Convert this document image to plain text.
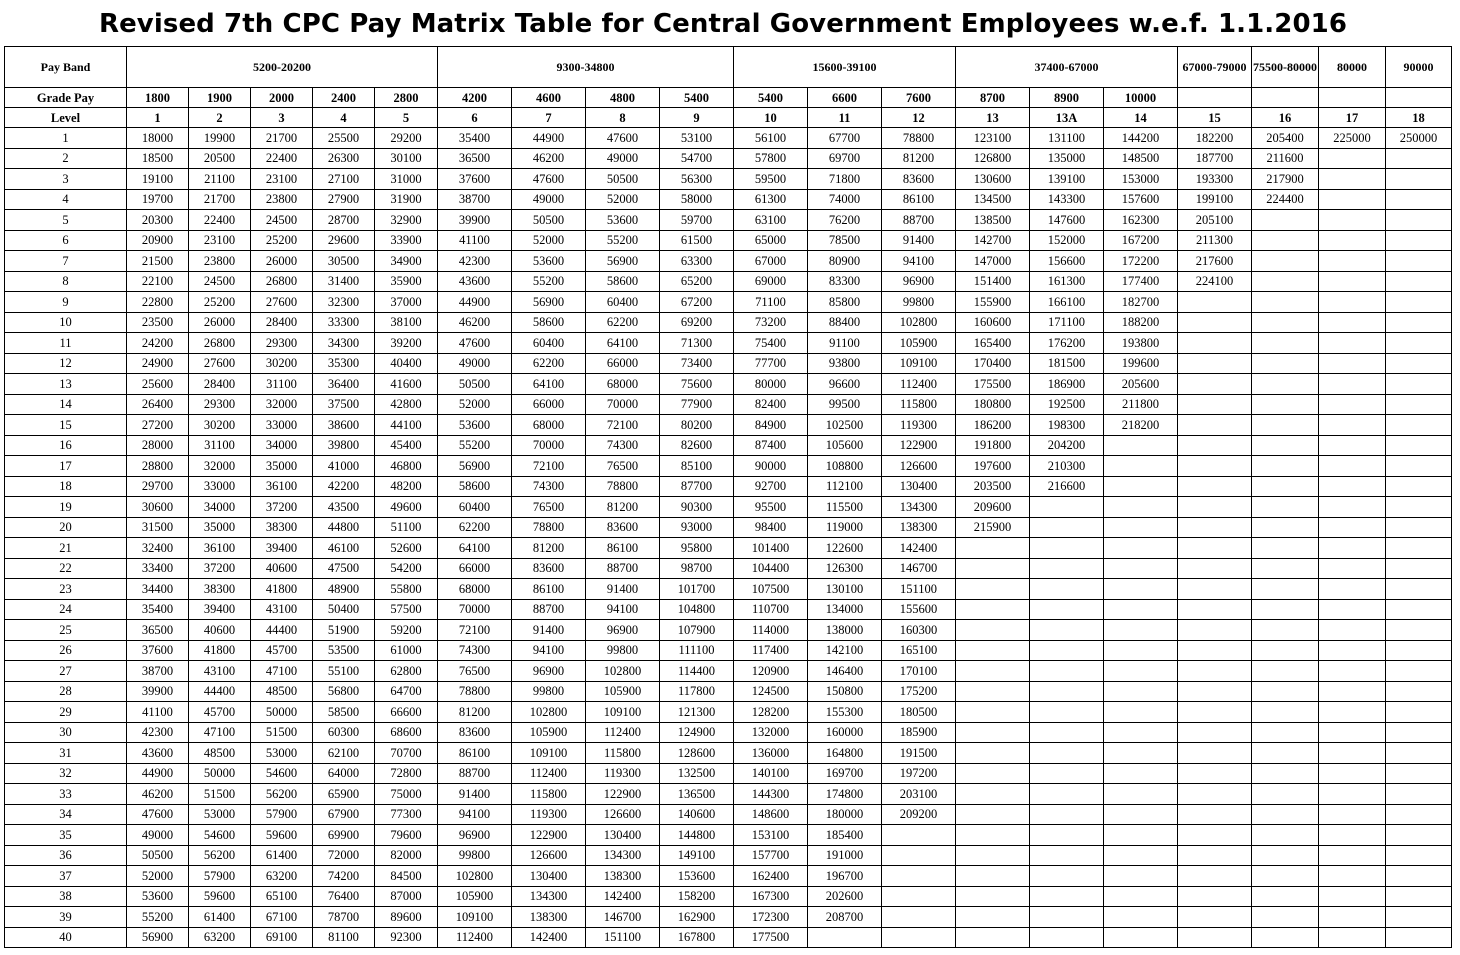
Revised 7th CPC Pay Matrix Table for Central Government Employees w.e.f. 1.1.2016
Pay Band	5200-20200					9300-34800				15600-39100			37400-67000			67000-79000	75500-80000	80000	90000
Grade Pay	1800	1900	2000	2400	2800	4200	4600	4800	5400	5400	6600	7600	8700	8900	10000				
Level	1	2	3	4	5	6	7	8	9	10	11	12	13	13A	14	15	16	17	18
1	18000	19900	21700	25500	29200	35400	44900	47600	53100	56100	67700	78800	123100	131100	144200	182200	205400	225000	250000
2	18500	20500	22400	26300	30100	36500	46200	49000	54700	57800	69700	81200	126800	135000	148500	187700	211600		
3	19100	21100	23100	27100	31000	37600	47600	50500	56300	59500	71800	83600	130600	139100	153000	193300	217900		
4	19700	21700	23800	27900	31900	38700	49000	52000	58000	61300	74000	86100	134500	143300	157600	199100	224400		
5	20300	22400	24500	28700	32900	39900	50500	53600	59700	63100	76200	88700	138500	147600	162300	205100			
6	20900	23100	25200	29600	33900	41100	52000	55200	61500	65000	78500	91400	142700	152000	167200	211300			
7	21500	23800	26000	30500	34900	42300	53600	56900	63300	67000	80900	94100	147000	156600	172200	217600			
8	22100	24500	26800	31400	35900	43600	55200	58600	65200	69000	83300	96900	151400	161300	177400	224100			
9	22800	25200	27600	32300	37000	44900	56900	60400	67200	71100	85800	99800	155900	166100	182700				
10	23500	26000	28400	33300	38100	46200	58600	62200	69200	73200	88400	102800	160600	171100	188200				
11	24200	26800	29300	34300	39200	47600	60400	64100	71300	75400	91100	105900	165400	176200	193800				
12	24900	27600	30200	35300	40400	49000	62200	66000	73400	77700	93800	109100	170400	181500	199600				
13	25600	28400	31100	36400	41600	50500	64100	68000	75600	80000	96600	112400	175500	186900	205600				
14	26400	29300	32000	37500	42800	52000	66000	70000	77900	82400	99500	115800	180800	192500	211800				
15	27200	30200	33000	38600	44100	53600	68000	72100	80200	84900	102500	119300	186200	198300	218200				
16	28000	31100	34000	39800	45400	55200	70000	74300	82600	87400	105600	122900	191800	204200					
17	28800	32000	35000	41000	46800	56900	72100	76500	85100	90000	108800	126600	197600	210300					
18	29700	33000	36100	42200	48200	58600	74300	78800	87700	92700	112100	130400	203500	216600					
19	30600	34000	37200	43500	49600	60400	76500	81200	90300	95500	115500	134300	209600						
20	31500	35000	38300	44800	51100	62200	78800	83600	93000	98400	119000	138300	215900						
21	32400	36100	39400	46100	52600	64100	81200	86100	95800	101400	122600	142400							
22	33400	37200	40600	47500	54200	66000	83600	88700	98700	104400	126300	146700							
23	34400	38300	41800	48900	55800	68000	86100	91400	101700	107500	130100	151100							
24	35400	39400	43100	50400	57500	70000	88700	94100	104800	110700	134000	155600							
25	36500	40600	44400	51900	59200	72100	91400	96900	107900	114000	138000	160300							
26	37600	41800	45700	53500	61000	74300	94100	99800	111100	117400	142100	165100							
27	38700	43100	47100	55100	62800	76500	96900	102800	114400	120900	146400	170100							
28	39900	44400	48500	56800	64700	78800	99800	105900	117800	124500	150800	175200							
29	41100	45700	50000	58500	66600	81200	102800	109100	121300	128200	155300	180500							
30	42300	47100	51500	60300	68600	83600	105900	112400	124900	132000	160000	185900							
31	43600	48500	53000	62100	70700	86100	109100	115800	128600	136000	164800	191500							
32	44900	50000	54600	64000	72800	88700	112400	119300	132500	140100	169700	197200							
33	46200	51500	56200	65900	75000	91400	115800	122900	136500	144300	174800	203100							
34	47600	53000	57900	67900	77300	94100	119300	126600	140600	148600	180000	209200							
35	49000	54600	59600	69900	79600	96900	122900	130400	144800	153100	185400								
36	50500	56200	61400	72000	82000	99800	126600	134300	149100	157700	191000								
37	52000	57900	63200	74200	84500	102800	130400	138300	153600	162400	196700								
38	53600	59600	65100	76400	87000	105900	134300	142400	158200	167300	202600								
39	55200	61400	67100	78700	89600	109100	138300	146700	162900	172300	208700								
40	56900	63200	69100	81100	92300	112400	142400	151100	167800	177500									
